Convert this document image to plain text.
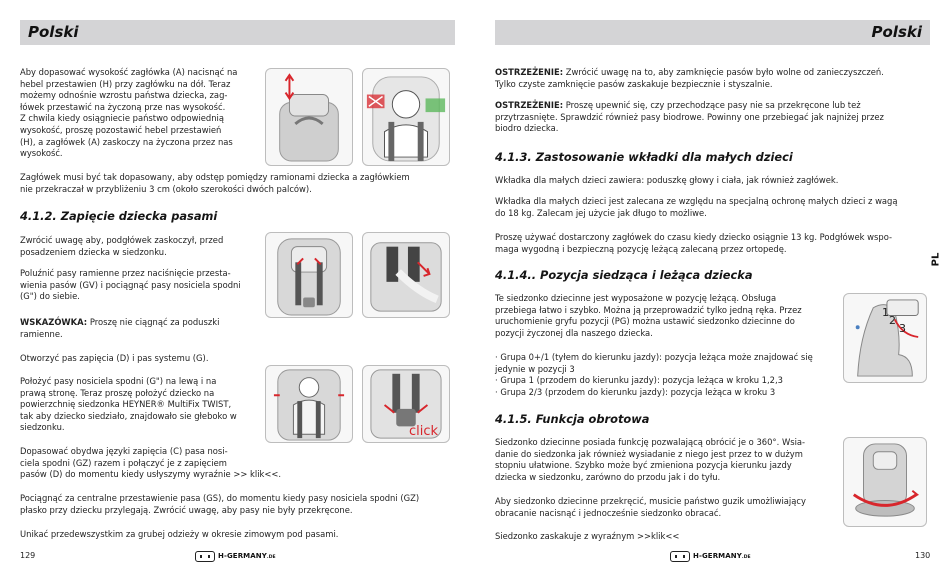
Polski
Aby dopasować wysokość zagłówka (A) nacisnąć na
hebel przestawien (H) przy zagłówku na dół. Teraz
możemy odnośnie wzrostu państwa dziecka, zag-
łówek przestawić na życzoną prze nas wysokość.
Z chwila kiedy osiągniecie państwo odpowiednią
wysokość, proszę pozostawić hebel przestawień
(H), a zagłówek (A) zaskoczy na życzona przez nas
wysokość.
Zagłówek musi być tak dopasowany, aby odstęp pomiędzy ramionami dziecka a zagłówkiem
nie przekraczał w przybliżeniu 3 cm (około szerokości dwóch palców).
4.1.2. Zapięcie dziecka pasami
Zwrócić uwagę aby, podgłówek zaskoczył, przed
posadzeniem dziecka w siedzonku.
Poluźnić pasy ramienne przez naciśnięcie przesta-
wienia pasów (GV) i pociągnąć pasy nosiciela spodni
(G") do siebie.
WSKAZÓWKA: Proszę nie ciągnąć za poduszki
ramienne.
Otworzyć pas zapięcia (D) i pas systemu (G).
Położyć pasy nosiciela spodni (G") na lewą i na
prawą stronę. Teraz proszę położyć dziecko na
powierzchnię siedzonka HEYNER® MultiFix TWIST,
tak aby dziecko siedziało, znajdowało sie głeboko w
siedzonku.
Dopasować obydwa języki zapięcia (C) pasa nosi-
ciela spodni (GZ) razem i połączyć je z zapięciem
pasów (D) do momentu kiedy usłyszymy wyraźnie >> klik<<.
Pociągnąć za centralne przestawienie pasa (GS), do momentu kiedy pasy nosiciela spodni (GZ)
płasko przy dziecku przylegają. Zwrócić uwagę, aby pasy nie były przekręcone.
Unikać przedewszystkim za grubej odzieży w okresie zimowym pod pasami.
click
129	H-GERMANY.DE
Polski
OSTRZEŻENIE: Zwrócić uwagę na to, aby zamknięcie pasów było wolne od zanieczyszczeń.
Tylko czyste zamknięcie pasów zaskakuje bezpiecznie i styszalnie.
OSTRZEŻENIE: Proszę upewnić się, czy przechodzące pasy nie sa przekręcone lub też
przytrzasnięte. Sprawdzić również pasy biodrowe. Powinny one przebiegać jak najniżej przez
biodro dziecka.
4.1.3. Zastosowanie wkładki dla małych dzieci
Wkładka dla małych dzieci zawiera: poduszkę głowy i ciała, jak również zagłówek.
Wkładka dla małych dzieci jest zalecana ze względu na specjalną ochronę małych dzieci z wagą
do 18 kg. Zalecam jej użycie jak długo to możliwe.
Proszę używać dostarczony zagłówek do czasu kiedy dziecko osiągnie 13 kg. Podgłówek wspo-
maga wygodną i bezpieczną pozycję leżącą zalecaną przez ortopedę.
4.1.4.. Pozycja siedząca i leżąca dziecka
Te siedzonko dziecinne jest wyposażone w pozycję leżącą. Obsługa
przebiega łatwo i szybko. Można ją przeprowadzić tylko jedną ręka. Przez
uruchomienie gryfu pozycji (PG) można ustawić siedzonko dziecinne do
pozycji życzonej dla naszego dziecka.
· Grupa 0+/1 (tyłem do kierunku jazdy): pozycja leżąca może znajdować się
jedynie w pozycji 3
· Grupa 1 (przodem do kierunku jazdy): pozycja leżąca w kroku 1,2,3
· Grupa 2/3 (przodem do kierunku jazdy): pozycja leżąca w kroku 3
4.1.5. Funkcja obrotowa
Siedzonko dziecinne posiada funkcję pozwalającą obrócić je o 360°. Wsia-
danie do siedzonka jak również wysiadanie z niego jest przez to w dużym
stopniu ułatwione. Szybko może być zmieniona pozycja kierunku jazdy
dziecka w siedzonku, zarówno do przodu jak i do tyłu.
Aby siedzonko dziecinne przekręcić, musicie państwo guzik umożliwiający
obracanie nacisnąć i jednocześnie siedzonko obracać.
Siedzonko zaskakuje z wyraźnym >>klik<<
1
2
3
PL
H-GERMANY.DE	130
